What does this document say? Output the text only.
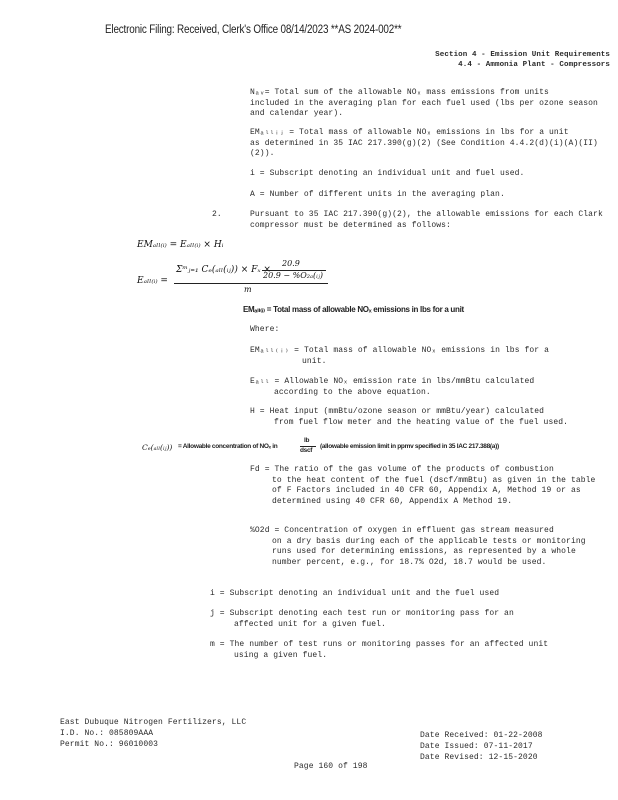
Electronic Filing: Received, Clerk's Office 08/14/2023 **AS 2024-002**
Section 4 - Emission Unit Requirements
4.4 - Ammonia Plant - Compressors
Nₐᵥ= Total sum of the allowable NOₓ mass emissions from units
included in the averaging plan for each fuel used (lbs per ozone season and calendar year).
EMₐₗₗᵢⱼ = Total mass of allowable NOₓ emissions in lbs for a unit
as determined in 35 IAC 217.390(g)(2) (See Condition 4.4.2(d)(i)(A)(II)(2)).
i = Subscript denoting an individual unit and fuel used.
A = Number of different units in the averaging plan.
2.	Pursuant to 35 IAC 217.390(g)(2), the allowable emissions for each Clark compressor must be determined as follows:
EMₐₗₗ₍ᵢ₎ = Eₐₗₗ₍ᵢ₎ × Hᵢ
Eₐₗₗ₍ᵢ₎ =
Σᵐⱼ₌₁ Cₑ(ₐₗₗ(ᵢⱼ)) × Fₓ ×
20.9
20.9 − %O₂ₐ(ᵢⱼ)
m
EMₐₗₗ₍ᵢ₎ = Total mass of allowable NOₓ emissions in lbs for a unit
Where:
EMₐₗₗ₍ᵢ₎ = Total mass of allowable NOₓ emissions in lbs for a
unit.
Eₐₗₗ = Allowable NOₓ emission rate in lbs/mmBtu calculated
according to the above equation.
H = Heat input (mmBtu/ozone season or mmBtu/year) calculated
from fuel flow meter and the heating value of the fuel used.
Cₑ(ₐₗₗ(ᵢⱼ)) = Allowable concentration of NOₓ in
lb
dscf
(allowable emission limit in ppmv specified in 35 IAC 217.388(a))
Fd = The ratio of the gas volume of the products of combustion
to the heat content of the fuel (dscf/mmBtu) as given in the table of F Factors included in 40 CFR 60, Appendix A, Method 19 or as determined using 40 CFR 60, Appendix A Method 19.
%O2d = Concentration of oxygen in effluent gas stream measured
on a dry basis during each of the applicable tests or monitoring runs used for determining emissions, as represented by a whole number percent, e.g., for 18.7% O2d, 18.7 would be used.
i = Subscript denoting an individual unit and the fuel used
j = Subscript denoting each test run or monitoring pass for an
affected unit for a given fuel.
m = The number of test runs or monitoring passes for an affected unit
using a given fuel.
East Dubuque Nitrogen Fertilizers, LLC
I.D. No.: 085809AAA
Permit No.: 96010003
Date Received: 01-22-2008
Date Issued: 07-11-2017
Date Revised: 12-15-2020
Page 160 of 198
